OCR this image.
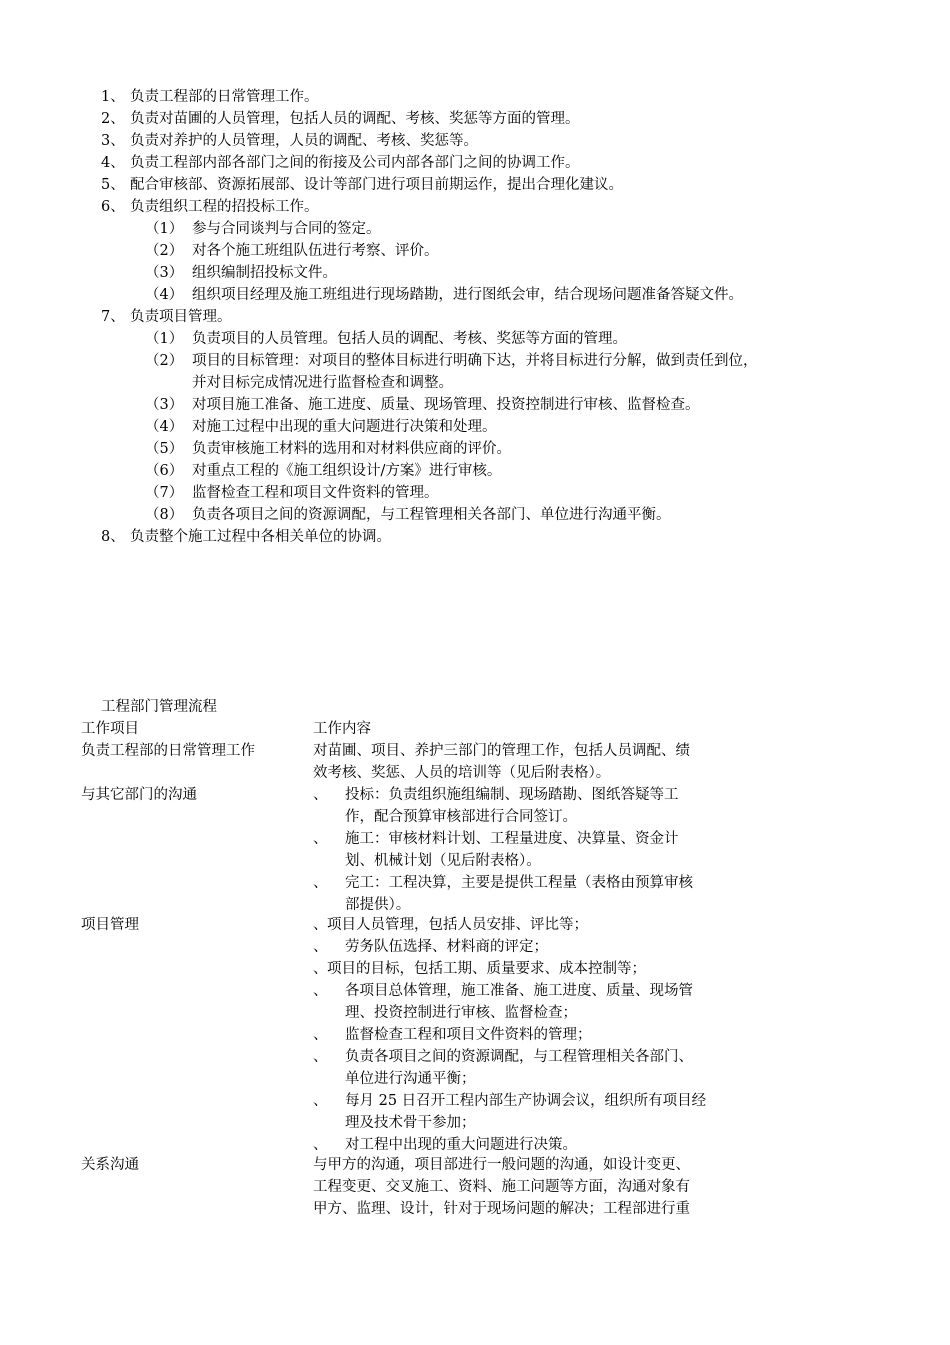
1、 负责工程部的日常管理工作。
2、 负责对苗圃的人员管理，包括人员的调配、考核、奖惩等方面的管理。
3、 负责对养护的人员管理，人员的调配、考核、奖惩等。
4、 负责工程部内部各部门之间的衔接及公司内部各部门之间的协调工作。
5、 配合审核部、资源拓展部、设计等部门进行项目前期运作，提出合理化建议。
6、 负责组织工程的招投标工作。
（1） 参与合同谈判与合同的签定。
（2） 对各个施工班组队伍进行考察、评价。
（3） 组织编制招投标文件。
（4） 组织项目经理及施工班组进行现场踏勘，进行图纸会审，结合现场问题准备答疑文件。
7、 负责项目管理。
（1） 负责项目的人员管理。包括人员的调配、考核、奖惩等方面的管理。
（2） 项目的目标管理：对项目的整体目标进行明确下达，并将目标进行分解，做到责任到位，
并对目标完成情况进行监督检查和调整。
（3） 对项目施工准备、施工进度、质量、现场管理、投资控制进行审核、监督检查。
（4） 对施工过程中出现的重大问题进行决策和处理。
（5） 负责审核施工材料的选用和对材料供应商的评价。
（6） 对重点工程的《施工组织设计/方案》进行审核。
（7） 监督检查工程和项目文件资料的管理。
（8） 负责各项目之间的资源调配，与工程管理相关各部门、单位进行沟通平衡。
8、 负责整个施工过程中各相关单位的协调。
工程部门管理流程
工作项目	工作内容
负责工程部的日常管理工作	对苗圃、项目、养护三部门的管理工作，包括人员调配、绩
效考核、奖惩、人员的培训等（见后附表格）。
与其它部门的沟通	、 投标：负责组织施组编制、现场踏勘、图纸答疑等工
作，配合预算审核部进行合同签订。
、 施工：审核材料计划、工程量进度、决算量、资金计
划、机械计划（见后附表格）。
、 完工：工程决算，主要是提供工程量（表格由预算审核
部提供）。
项目管理	、 项目人员管理，包括人员安排、评比等；
、 劳务队伍选择、材料商的评定；
、 项目的目标，包括工期、质量要求、成本控制等；
、 各项目总体管理，施工准备、施工进度、质量、现场管
理、投资控制进行审核、监督检查；
、 监督检查工程和项目文件资料的管理；
、 负责各项目之间的资源调配，与工程管理相关各部门、
单位进行沟通平衡；
、 每月 25 日召开工程内部生产协调会议，组织所有项目经
理及技术骨干参加；
、 对工程中出现的重大问题进行决策。
关系沟通	与甲方的沟通，项目部进行一般问题的沟通，如设计变更、
工程变更、交叉施工、资料、施工问题等方面，沟通对象有
甲方、监理、设计，针对于现场问题的解决；工程部进行重
